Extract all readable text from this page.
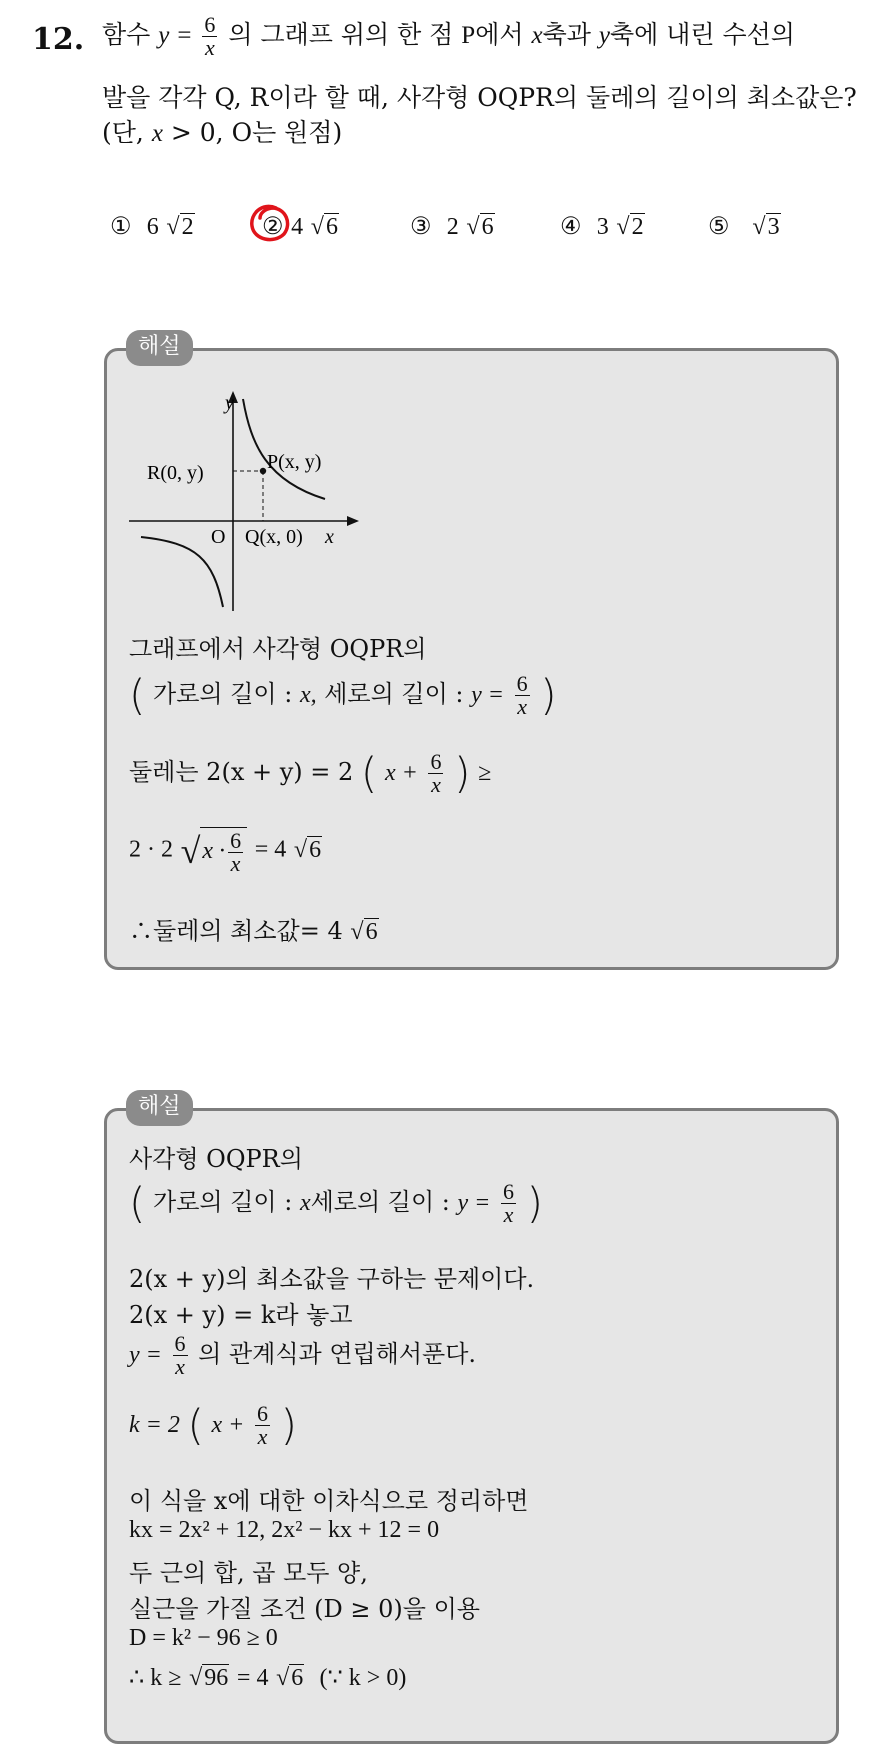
12. 함수 $y = \frac{6}{x}$ 의 그래프 위의 한 점 P에서 x축과 y축에 내린 수선의
발을 각각 Q, R이라 할 때, 사각형 OQPR의 둘레의 길이의 최소값은?
(단, x > 0, O는 원점)
① 6 √2	② 4 √6	③ 2 √6	④ 3 √2	⑤ √3
y
x
O
R(0, y)	P(x, y)
Q(x, 0)
그래프에서 사각형 OQPR의
( 가로의 길이 : x, 세로의 길이 : $y = \frac{6}{x}$ )
둘레는 2(x + y) = 2 ( $x + \frac{6}{x}$ ) ≥
2 · 2 $√x \cdot \frac{6}{x} = 4$ √6
∴둘레의 최소값= 4 √6
해설
사각형 OQPR의
( 가로의 길이 : x세로의 길이 : $y = \frac{6}{x}$ )
2(x + y)의 최소값을 구하는 문제이다.
2(x + y) = k라 놓고
$y = \frac{6}{x}$ 의 관계식과 연립해서푼다.
k = 2 ( $x + \frac{6}{x}$ )
이 식을 x에 대한 이차식으로 정리하면
kx = 2x² + 12, 2x² − kx + 12 = 0
두 근의 합, 곱 모두 양,
실근을 가질 조건 (D ≥ 0)을 이용
D = k² − 96 ≥ 0
∴ k ≥ √96 = 4 √6 (∵ k > 0)
해설
